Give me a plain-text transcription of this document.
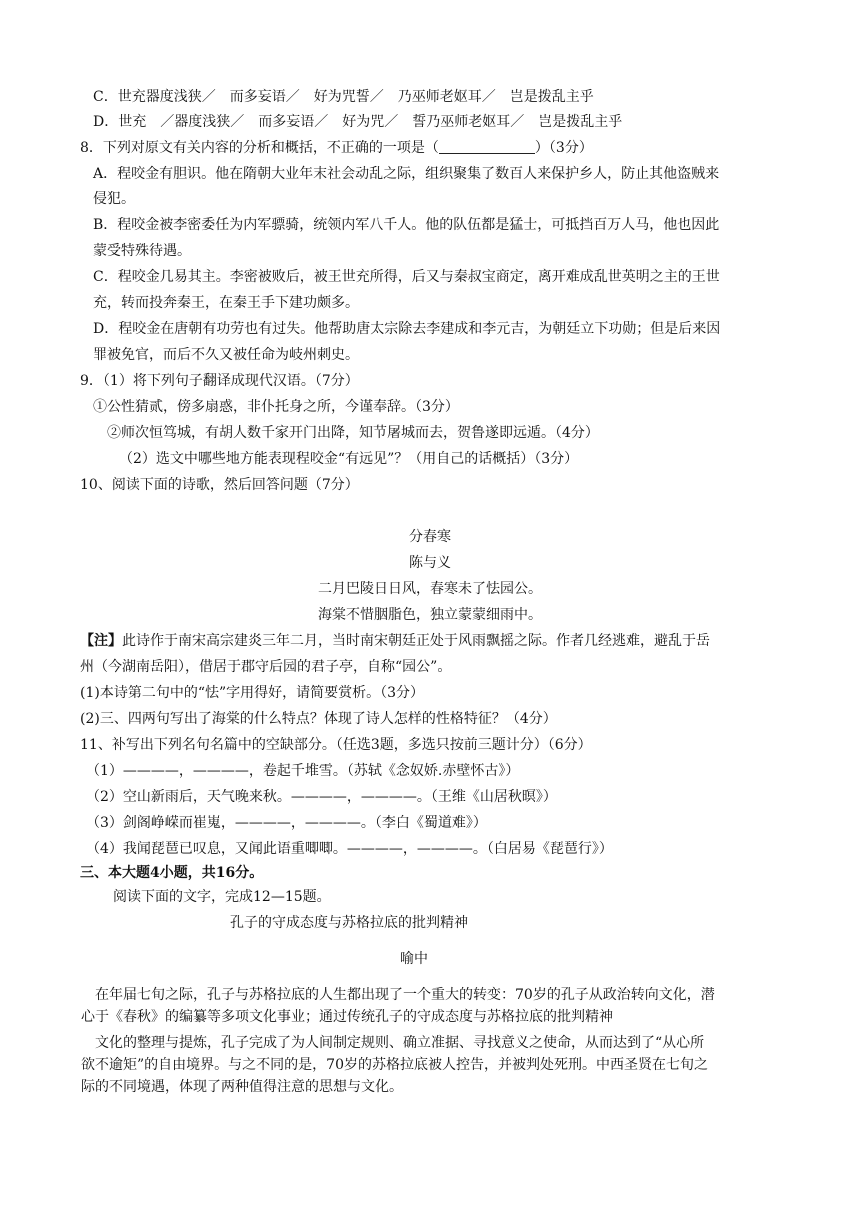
C．世充器度浅狭／　而多妄语／　好为咒誓／　乃巫师老妪耳／　岂是拨乱主乎
D．世充　／器度浅狭／　而多妄语／　好为咒／　誓乃巫师老妪耳／　岂是拨乱主乎
8．下列对原文有关内容的分析和概括，不正确的一项是（	）（3分）
A．程咬金有胆识。他在隋朝大业年末社会动乱之际，组织聚集了数百人来保护乡人，防止其他盗贼来
侵犯。
B．程咬金被李密委任为内军骠骑，统领内军八千人。他的队伍都是猛士，可抵挡百万人马，他也因此
蒙受特殊待遇。
C．程咬金几易其主。李密被败后，被王世充所得，后又与秦叔宝商定，离开难成乱世英明之主的王世
充，转而投奔秦王，在秦王手下建功颇多。
D．程咬金在唐朝有功劳也有过失。他帮助唐太宗除去李建成和李元吉，为朝廷立下功勋；但是后来因
罪被免官，而后不久又被任命为岐州刺史。
9．（1）将下列句子翻译成现代汉语。（7分）
①公性猜贰，傍多扇惑，非仆托身之所，今谨奉辞。（3分）
②师次恒笃城，有胡人数千家开门出降，知节屠城而去，贺鲁遂即远遁。（4分）
（2）选文中哪些地方能表现程咬金“有远见”？（用自己的话概括）（3分）
10、阅读下面的诗歌，然后回答问题（7分）
分春寒
陈与义
二月巴陵日日风，春寒未了怯园公。
海棠不惜胭脂色，独立蒙蒙细雨中。
【注】此诗作于南宋高宗建炎三年二月，当时南宋朝廷正处于风雨飘摇之际。作者几经逃难，避乱于岳
州（今湖南岳阳），借居于郡守后园的君子亭，自称“园公”。
(1)本诗第二句中的“怯”字用得好，请简要赏析。（3分）
(2)三、四两句写出了海棠的什么特点？体现了诗人怎样的性格特征？（4分）
11、补写出下列名句名篇中的空缺部分。（任选3题，多选只按前三题计分）（6分）
（1）————，————，卷起千堆雪。（苏轼《念奴娇.赤壁怀古》）
（2）空山新雨后，天气晚来秋。————，————。（王维《山居秋暝》）
（3）剑阁峥嵘而崔嵬，————，————。（李白《蜀道难》）
（4）我闻琵琶已叹息，又闻此语重唧唧。————，————。（白居易《琵琶行》）
三、本大题4小题，共16分。
阅读下面的文字，完成12—15题。
孔子的守成态度与苏格拉底的批判精神
喻中
在年届七旬之际，孔子与苏格拉底的人生都出现了一个重大的转变：70岁的孔子从政治转向文化，潜
心于《春秋》的编纂等多项文化事业；通过传统孔子的守成态度与苏格拉底的批判精神
文化的整理与提炼，孔子完成了为人间制定规则、确立准据、寻找意义之使命，从而达到了“从心所
欲不逾矩”的自由境界。与之不同的是，70岁的苏格拉底被人控告，并被判处死刑。中西圣贤在七旬之
际的不同境遇，体现了两种值得注意的思想与文化。
